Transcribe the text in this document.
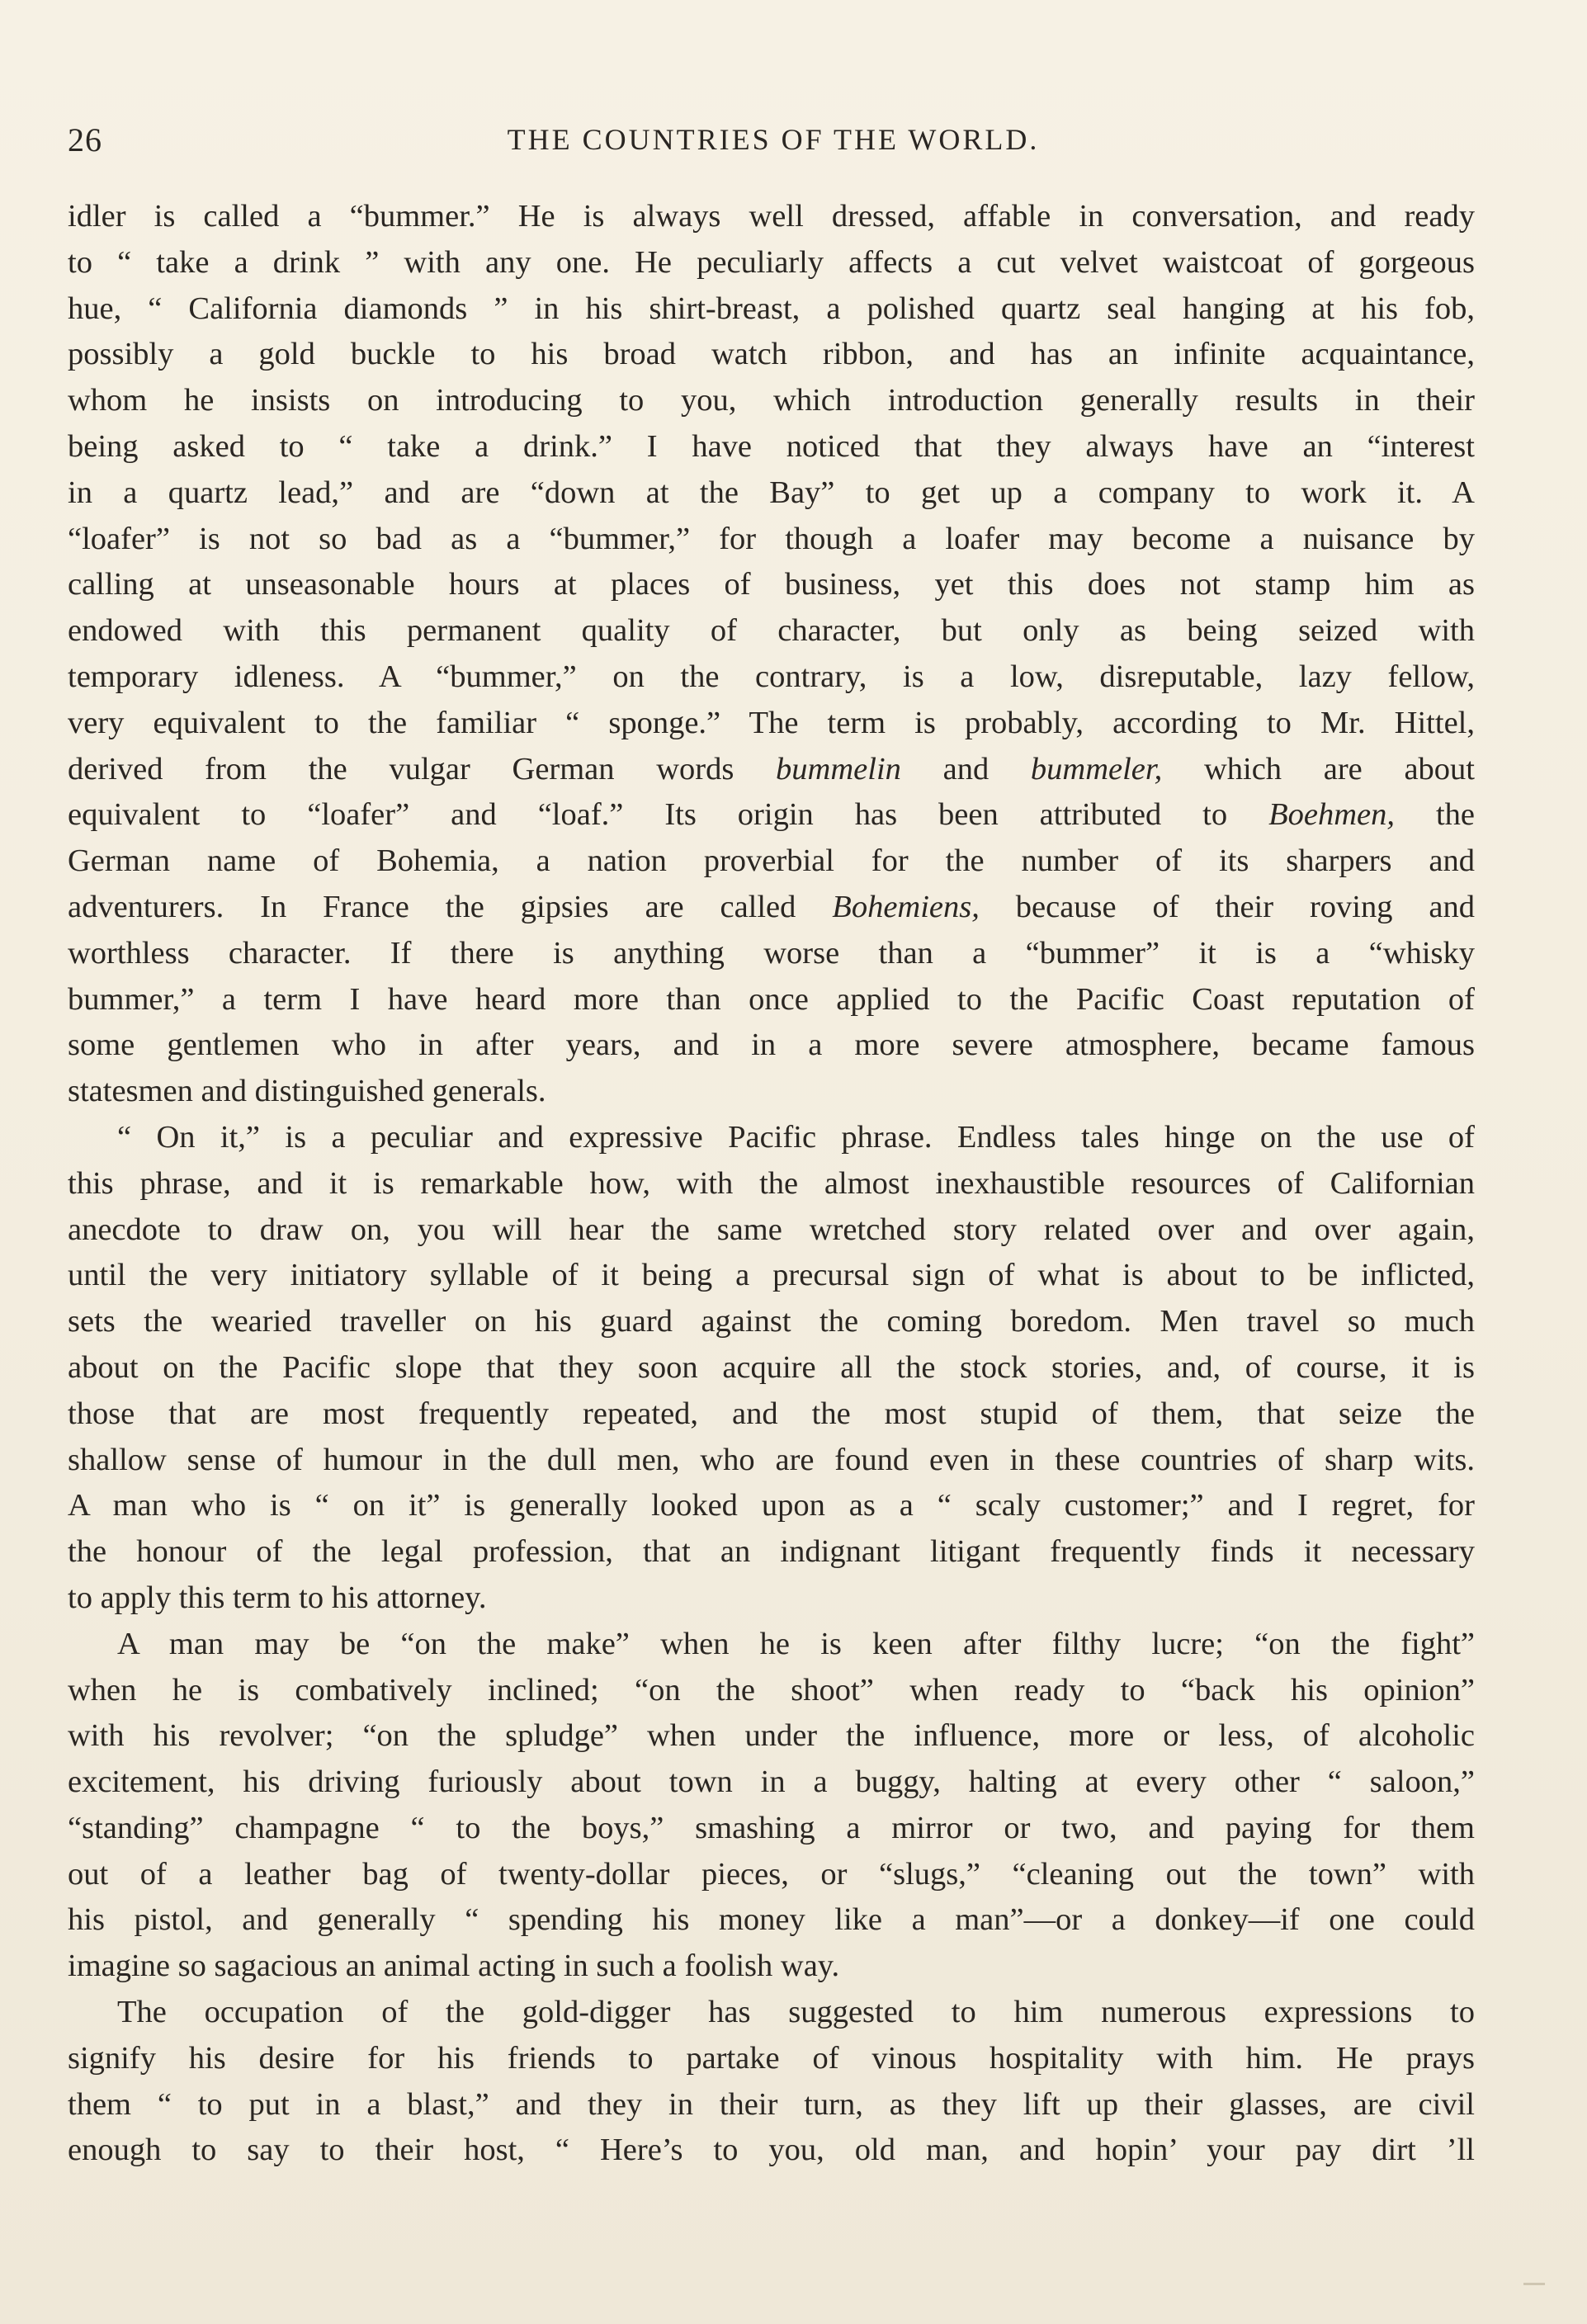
26	THE COUNTRIES OF THE WORLD.
idler is called a “bummer.” He is always well dressed, affable in conversation, and ready
to “ take a drink ” with any one. He peculiarly affects a cut velvet waistcoat of gorgeous
hue, “ California diamonds ” in his shirt-breast, a polished quartz seal hanging at his fob,
possibly a gold buckle to his broad watch ribbon, and has an infinite acquaintance,
whom he insists on introducing to you, which introduction generally results in their
being asked to “ take a drink.” I have noticed that they always have an “interest
in a quartz lead,” and are “down at the Bay” to get up a company to work it. A
“loafer” is not so bad as a “bummer,” for though a loafer may become a nuisance by
calling at unseasonable hours at places of business, yet this does not stamp him as
endowed with this permanent quality of character, but only as being seized with
temporary idleness. A “bummer,” on the contrary, is a low, disreputable, lazy fellow,
very equivalent to the familiar “ sponge.” The term is probably, according to Mr. Hittel,
derived from the vulgar German words bummelin and bummeler, which are about
equivalent to “loafer” and “loaf.” Its origin has been attributed to Boehmen, the
German name of Bohemia, a nation proverbial for the number of its sharpers and
adventurers. In France the gipsies are called Bohemiens, because of their roving and
worthless character. If there is anything worse than a “bummer” it is a “whisky
bummer,” a term I have heard more than once applied to the Pacific Coast reputation of
some gentlemen who in after years, and in a more severe atmosphere, became famous
statesmen and distinguished generals.
“ On it,” is a peculiar and expressive Pacific phrase. Endless tales hinge on the use of
this phrase, and it is remarkable how, with the almost inexhaustible resources of Californian
anecdote to draw on, you will hear the same wretched story related over and over again,
until the very initiatory syllable of it being a precursal sign of what is about to be inflicted,
sets the wearied traveller on his guard against the coming boredom. Men travel so much
about on the Pacific slope that they soon acquire all the stock stories, and, of course, it is
those that are most frequently repeated, and the most stupid of them, that seize the
shallow sense of humour in the dull men, who are found even in these countries of sharp wits.
A man who is “ on it” is generally looked upon as a “ scaly customer;” and I regret, for
the honour of the legal profession, that an indignant litigant frequently finds it necessary
to apply this term to his attorney.
A man may be “on the make” when he is keen after filthy lucre; “on the fight”
when he is combatively inclined; “on the shoot” when ready to “back his opinion”
with his revolver; “on the spludge” when under the influence, more or less, of alcoholic
excitement, his driving furiously about town in a buggy, halting at every other “ saloon,”
“standing” champagne “ to the boys,” smashing a mirror or two, and paying for them
out of a leather bag of twenty-dollar pieces, or “slugs,” “cleaning out the town” with
his pistol, and generally “ spending his money like a man”—or a donkey—if one could
imagine so sagacious an animal acting in such a foolish way.
The occupation of the gold-digger has suggested to him numerous expressions to
signify his desire for his friends to partake of vinous hospitality with him. He prays
them “ to put in a blast,” and they in their turn, as they lift up their glasses, are civil
enough to say to their host, “ Here’s to you, old man, and hopin’ your pay dirt ’ll
